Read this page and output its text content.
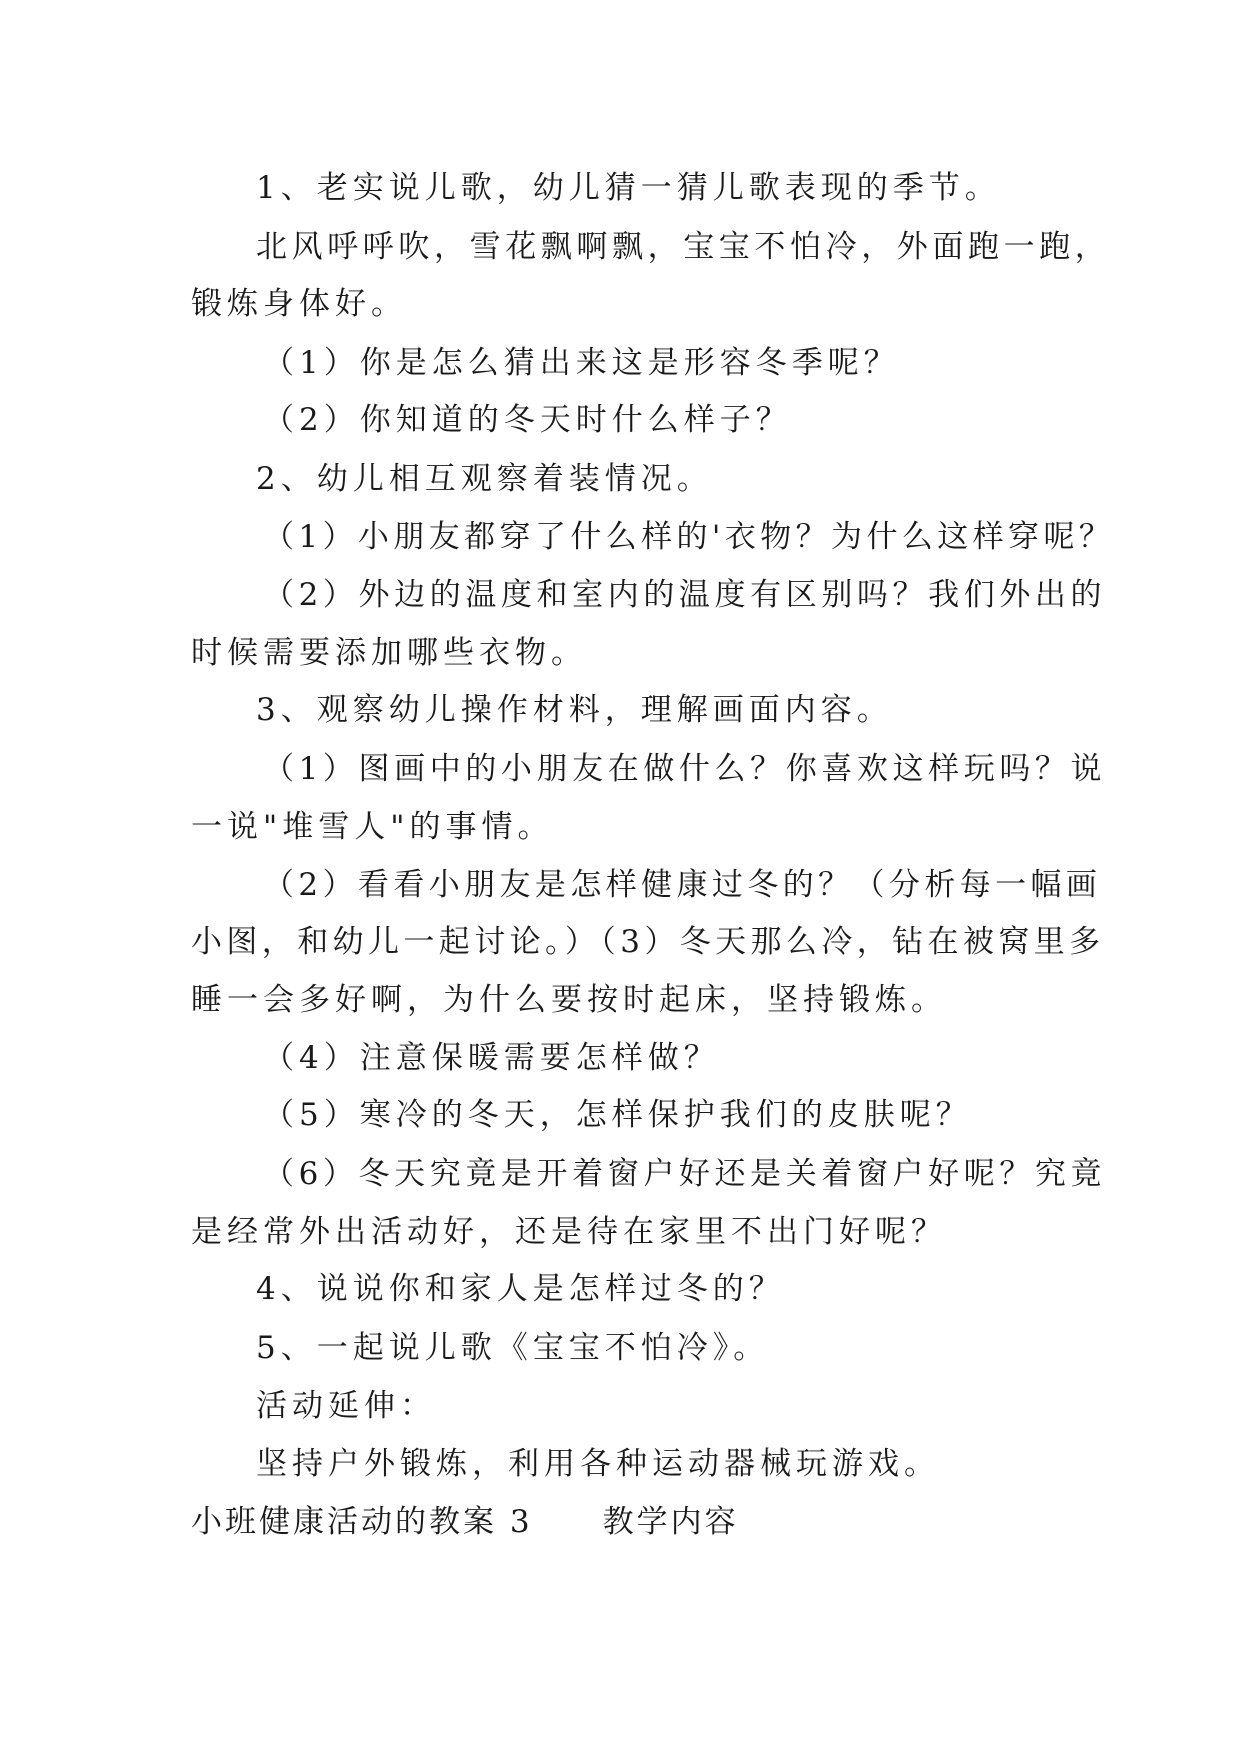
1、老实说儿歌，幼儿猜一猜儿歌表现的季节。
北风呼呼吹，雪花飘啊飘，宝宝不怕冷，外面跑一跑，
锻炼身体好。
（1）你是怎么猜出来这是形容冬季呢？
（2）你知道的冬天时什么样子？
2、幼儿相互观察着装情况。
（1）小朋友都穿了什么样的'衣物？为什么这样穿呢？
（2）外边的温度和室内的温度有区别吗？我们外出的
时候需要添加哪些衣物。
3、观察幼儿操作材料，理解画面内容。
（1）图画中的小朋友在做什么？你喜欢这样玩吗？说
一说"堆雪人"的事情。
（2）看看小朋友是怎样健康过冬的？（分析每一幅画
小图，和幼儿一起讨论。）（3）冬天那么冷，钻在被窝里多
睡一会多好啊，为什么要按时起床，坚持锻炼。
（4）注意保暖需要怎样做？
（5）寒冷的冬天，怎样保护我们的皮肤呢？
（6）冬天究竟是开着窗户好还是关着窗户好呢？究竟
是经常外出活动好，还是待在家里不出门好呢？
4、说说你和家人是怎样过冬的？
5、一起说儿歌《宝宝不怕冷》。
活动延伸：
坚持户外锻炼，利用各种运动器械玩游戏。
小班健康活动的教案 3 教学内容
